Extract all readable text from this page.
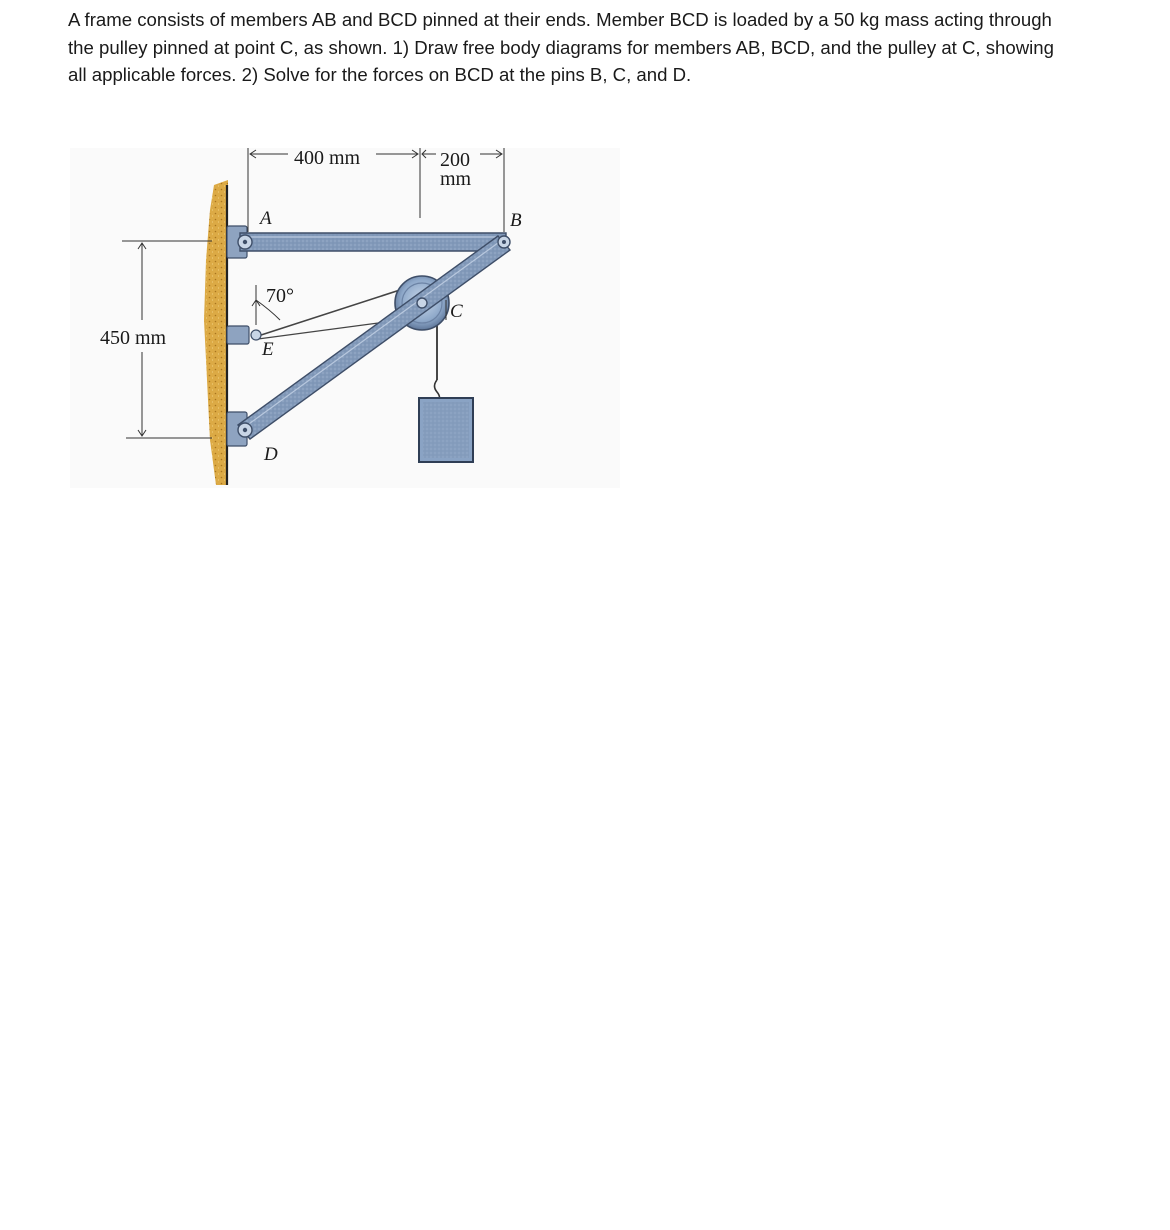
A frame consists of members AB and BCD pinned at their ends. Member BCD is loaded by a 50 kg mass acting through
the pulley pinned at point C, as shown. 1) Draw free body diagrams for members AB, BCD, and the pulley at C, showing
all applicable forces. 2) Solve for the forces on BCD at the pins B, C, and D.
400 mm	200
mm
450 mm
70°
A	B
C
E
D
